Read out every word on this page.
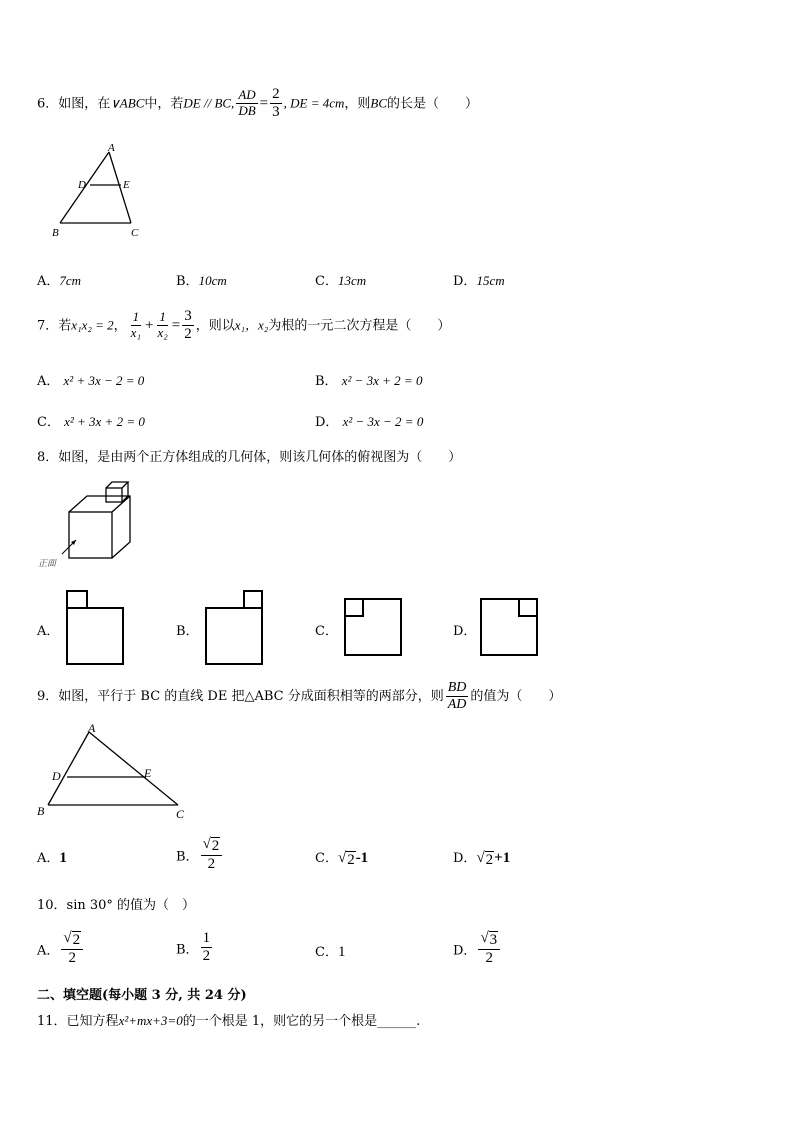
6．如图，在∨ABC中，若DE // BC, $\frac{AD}{DB} = \frac{2}{3}$ , DE = 4cm，则BC的长是（　　）
A
D	E
B	C
A．7cm	B．10cm	C．13cm	D．15cm
7．若x₁x₂ = 2， $\frac{1}{\text{x₁}} + \frac{1}{\text{x₂}} = \frac{3}{2}$ ，则以x₁，x₂为根的一元二次方程是（　　）
A． x² + 3x − 2 = 0	B． x² − 3x + 2 = 0
C． x² + 3x + 2 = 0	D． x² − 3x − 2 = 0
8．如图，是由两个正方体组成的几何体，则该几何体的俯视图为（　　）
正面
A．	B．	C．	D．
9．如图，平行于 BC 的直线 DE 把△ABC 分成面积相等的两部分，则 $\frac{BD}{AD}$ 的值为（　　）
A
D	E
B	C
A．1	B． $\frac{√ 2}{2}$	C．√ 2 -1	D．√ 2 +1
10．sin 30° 的值为（　）
A． $\frac{√ 2}{2}$	B． $\frac{1}{2}$	C．1	D． $\frac{√ 3}{2}$
二、填空题(每小题 3 分, 共 24 分)
11．已知方程x²+mx+3=0的一个根是 1，则它的另一个根是______.
